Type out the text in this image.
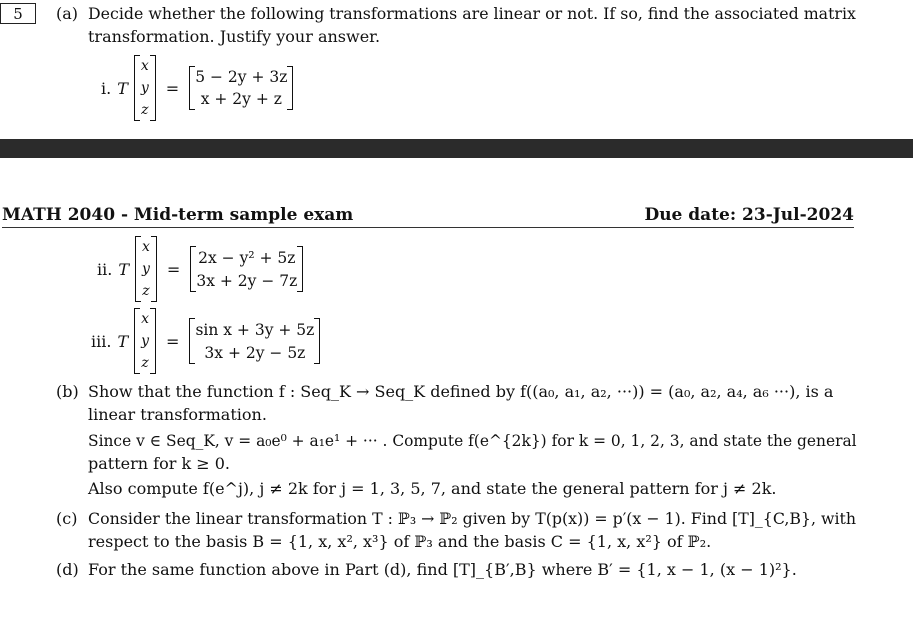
5	(a) Decide whether the following transformations are linear or not. If so, find the associated matrix
transformation. Justify your answer.
i. T
x
y
z
=
5 − 2y + 3z
x + 2y + z
MATH 2040 - Mid-term sample exam	Due date: 23-Jul-2024
ii. T
x
y
z
=
2x − y² + 5z
3x + 2y − 7z
iii. T
x
y
z
=
sin x + 3y + 5z
3x + 2y − 5z
(b) Show that the function f : Seq_K → Seq_K defined by f((a₀, a₁, a₂, ···)) = (a₀, a₂, a₄, a₆ ···), is a
linear transformation.
Since v ∈ Seq_K, v = a₀e⁰ + a₁e¹ + ··· . Compute f(e^{2k}) for k = 0, 1, 2, 3, and state the general
pattern for k ≥ 0.
Also compute f(e^j), j ≠ 2k for j = 1, 3, 5, 7, and state the general pattern for j ≠ 2k.
(c) Consider the linear transformation T : ℙ₃ → ℙ₂ given by T(p(x)) = p′(x − 1). Find [T]_{C,B}, with
respect to the basis B = {1, x, x², x³} of ℙ₃ and the basis C = {1, x, x²} of ℙ₂.
(d) For the same function above in Part (d), find [T]_{B′,B} where B′ = {1, x − 1, (x − 1)²}.
